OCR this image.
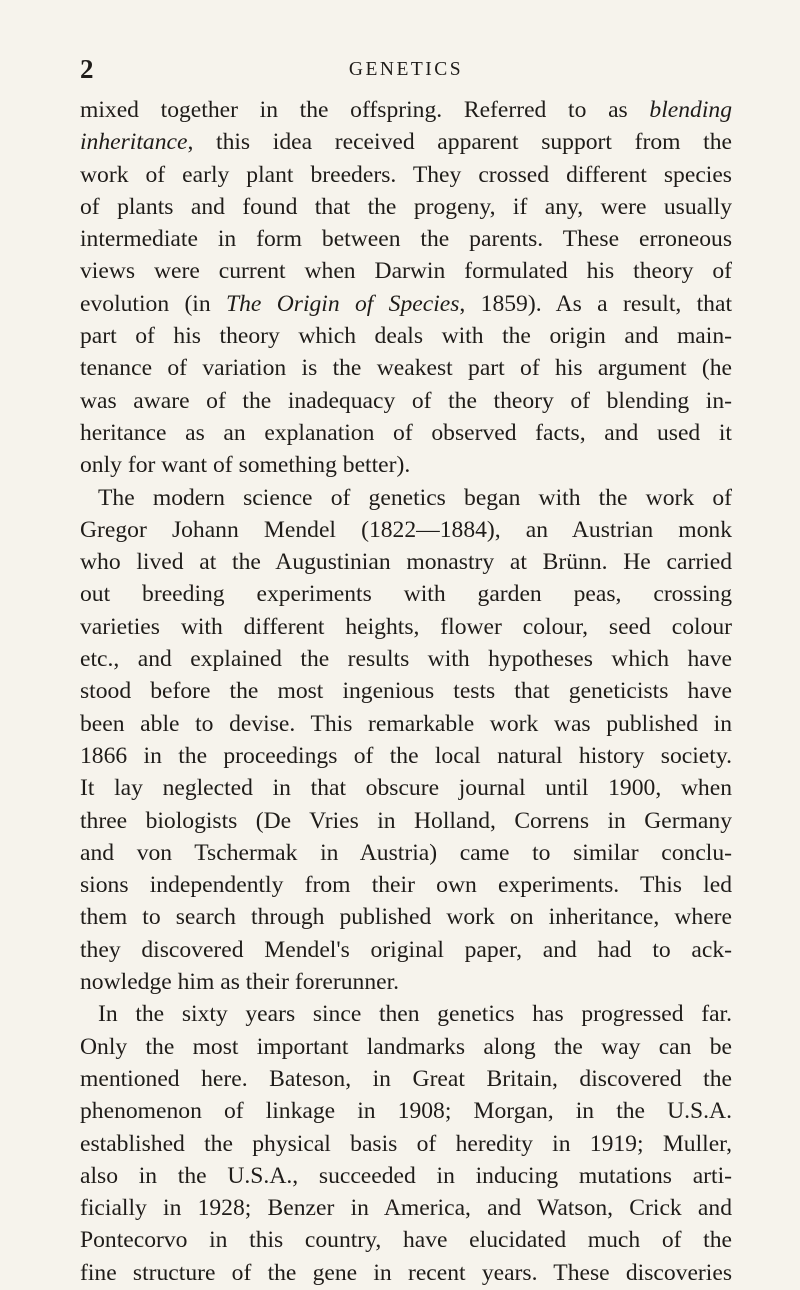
2	GENETICS
mixed together in the offspring. Referred to as blending
inheritance, this idea received apparent support from the
work of early plant breeders. They crossed different species
of plants and found that the progeny, if any, were usually
intermediate in form between the parents. These erroneous
views were current when Darwin formulated his theory of
evolution (in The Origin of Species, 1859). As a result, that
part of his theory which deals with the origin and main-
tenance of variation is the weakest part of his argument (he
was aware of the inadequacy of the theory of blending in-
heritance as an explanation of observed facts, and used it
only for want of something better).
The modern science of genetics began with the work of
Gregor Johann Mendel (1822—1884), an Austrian monk
who lived at the Augustinian monastry at Brünn. He carried
out breeding experiments with garden peas, crossing
varieties with different heights, flower colour, seed colour
etc., and explained the results with hypotheses which have
stood before the most ingenious tests that geneticists have
been able to devise. This remarkable work was published in
1866 in the proceedings of the local natural history society.
It lay neglected in that obscure journal until 1900, when
three biologists (De Vries in Holland, Correns in Germany
and von Tschermak in Austria) came to similar conclu-
sions independently from their own experiments. This led
them to search through published work on inheritance, where
they discovered Mendel's original paper, and had to ack-
nowledge him as their forerunner.
In the sixty years since then genetics has progressed far.
Only the most important landmarks along the way can be
mentioned here. Bateson, in Great Britain, discovered the
phenomenon of linkage in 1908; Morgan, in the U.S.A.
established the physical basis of heredity in 1919; Muller,
also in the U.S.A., succeeded in inducing mutations arti-
ficially in 1928; Benzer in America, and Watson, Crick and
Pontecorvo in this country, have elucidated much of the
fine structure of the gene in recent years. These discoveries
